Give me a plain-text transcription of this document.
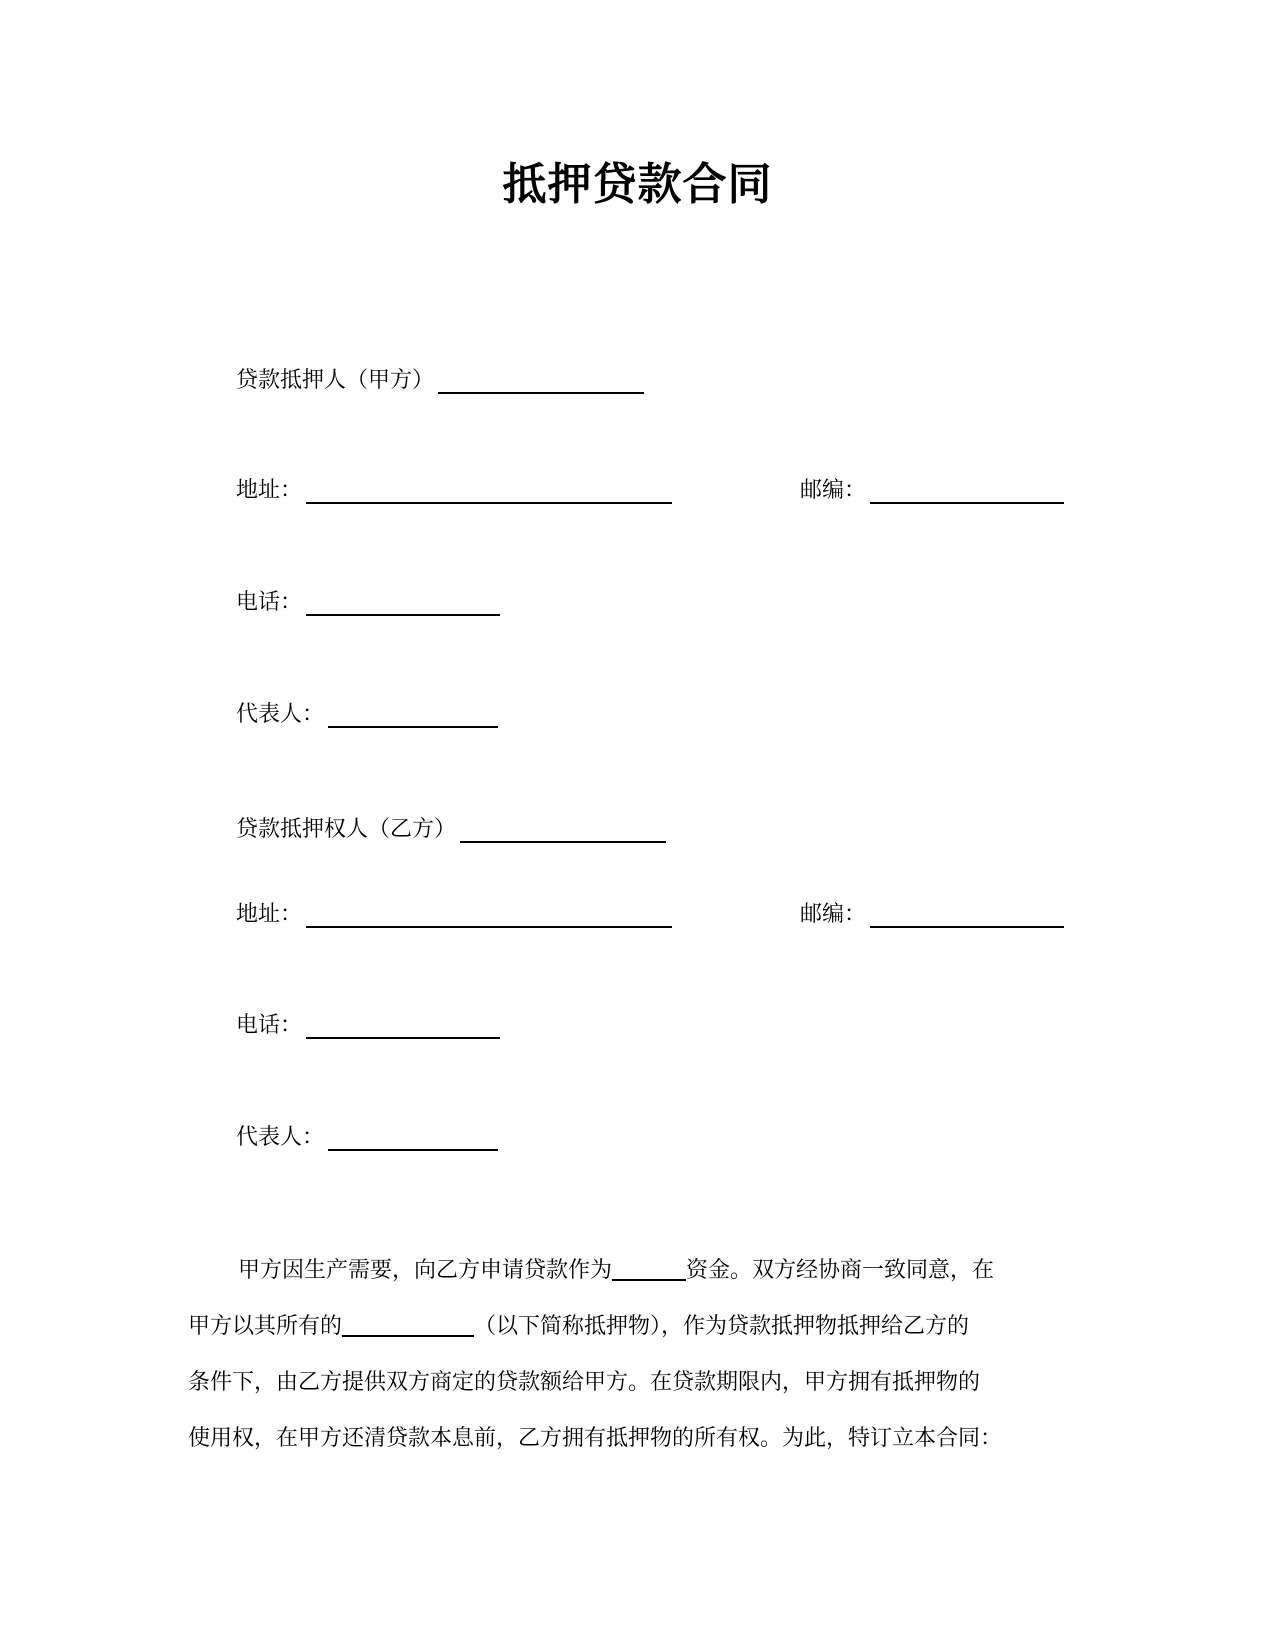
抵押贷款合同
贷款抵押人（甲方）
地址：	邮编：
电话：
代表人：
贷款抵押权人（乙方）
地址：	邮编：
电话：
代表人：
甲方因生产需要，向乙方申请贷款作为	资金。双方经协商一致同意，在
甲方以其所有的	（以下简称抵押物），作为贷款抵押物抵押给乙方的
条件下，由乙方提供双方商定的贷款额给甲方。在贷款期限内，甲方拥有抵押物的
使用权，在甲方还清贷款本息前，乙方拥有抵押物的所有权。为此，特订立本合同：
